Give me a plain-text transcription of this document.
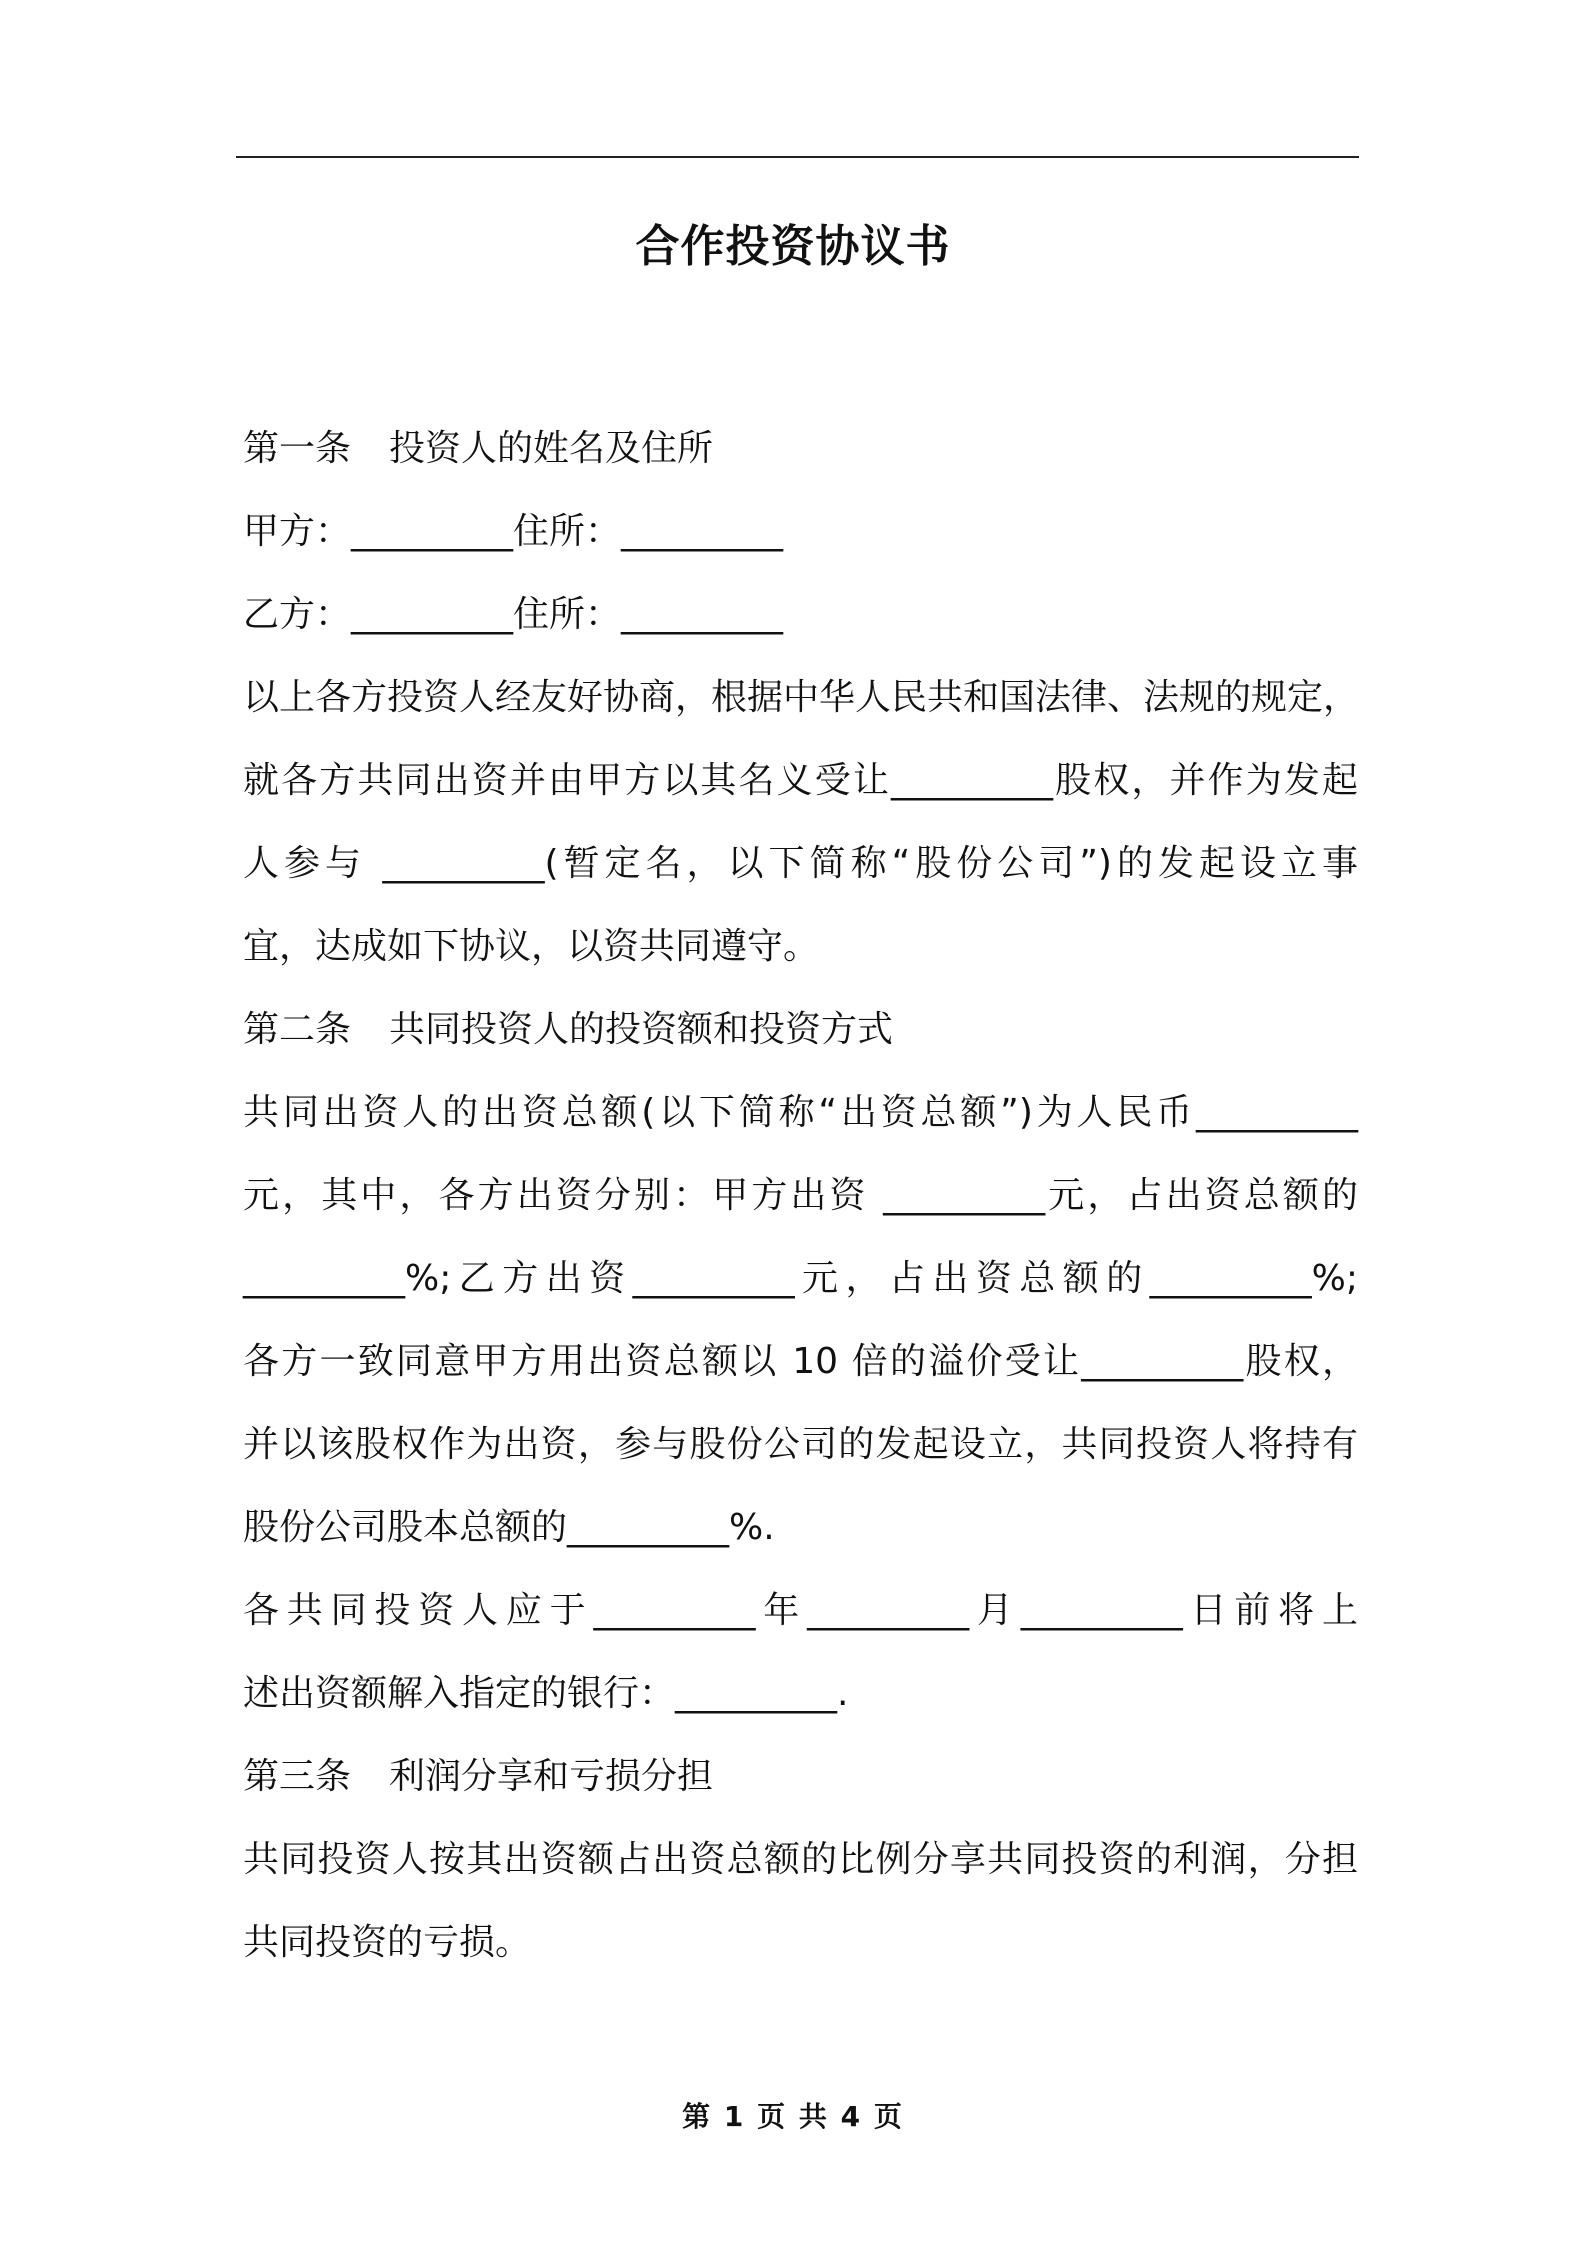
合作投资协议书
第一条 投资人的姓名及住所
甲方：_________住所：_________
乙方：_________住所：_________
以上各方投资人经友好协商，根据中华人民共和国法律、法规的规定，
就各方共同出资并由甲方以其名义受让_________股权，并作为发起
人参与 _________(暂定名，以下简称“股份公司”)的发起设立事
宜，达成如下协议，以资共同遵守。
第二条 共同投资人的投资额和投资方式
共同出资人的出资总额(以下简称“出资总额”)为人民币_________
元，其中，各方出资分别：甲方出资 _________元，占出资总额的
_________%;乙方出资_________元，占出资总额的_________%;
各方一致同意甲方用出资总额以 10 倍的溢价受让_________股权，
并以该股权作为出资，参与股份公司的发起设立，共同投资人将持有
股份公司股本总额的_________%.
各共同投资人应于_________年_________月_________日前将上
述出资额解入指定的银行：_________.
第三条 利润分享和亏损分担
共同投资人按其出资额占出资总额的比例分享共同投资的利润，分担
共同投资的亏损。
第 1 页 共 4 页
